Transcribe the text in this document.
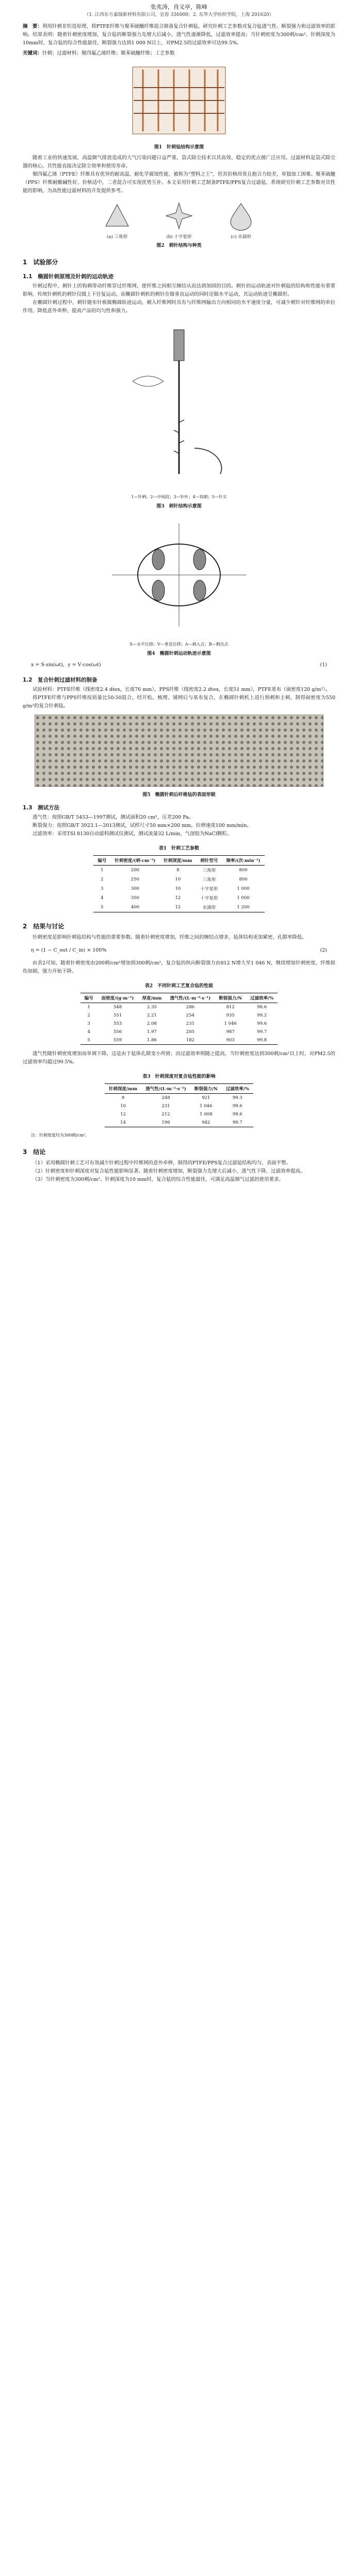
张兆涛，肖义亭，陈峰
（1. 江西东方嘉瑞新材料有限公司，宜春 336000；2. 东华大学纺织学院，上海 201620）
摘　要：利用针刺非织造原理，将PTFE纤维与聚苯硫醚纤维混合制备复合针刺毡，研究针刺工艺参数对复合毡透气性、断裂强力和过滤效率的影响。结果表明：随着针刺密度增加，复合毡的断裂强力先增大后减小，透气性逐渐降低，过滤效率提高；当针刺密度为300刺/cm²、针刺深度为10mm时，复合毡的综合性能最佳，断裂强力达到1 000 N以上，对PM2.5的过滤效率可达99.5%。
关键词：针刺；过滤材料；聚四氟乙烯纤维；聚苯硫醚纤维；工艺参数
图1　针刺毡结构示意图
随着工业的快速发展，高温烟气排放造成的大气污染问题日益严重，袋式除尘技术以其高效、稳定的优点被广泛应用。过滤材料是袋式除尘器的核心，其性能直接决定除尘效率和使用寿命。
聚四氟乙烯（PTFE）纤维具有优异的耐高温、耐化学腐蚀性能，被称为“塑料之王”，但其价格昂贵且抱合力较差，单独加工困难。聚苯硫醚（PPS）纤维耐酸碱性好、价格适中，二者混合可实现优势互补。本文采用针刺工艺制备PTFE/PPS复合过滤毡，系统研究针刺工艺参数对其性能的影响，为高性能过滤材料的开发提供参考。
(a) 三角形	(b) 十字星形	(c) 水滴形
图2　刺针结构与种类
1　试验部分
1.1　椭圆针刺原理及针刺的运动轨迹
针刺过程中，刺针上的钩刺带动纤维穿过纤维网，使纤维之间相互缠结从而达到加固的目的。刺针的运动轨迹对针刺毡的结构和性能有重要影响，传统针刺机的刺针仅做上下往复运动，而椭圆针刺机的刺针在做垂直运动的同时还做水平运动，其运动轨迹呈椭圆形。
在椭圆针刺过程中，刺针随布针板做椭圆轨迹运动，刺入纤维网时具有与纤维网输出方向相同的水平速度分量，可减少刺针对纤维网的牵拉作用，降低意外牵伸，提高产品的均匀性和强力。
1—针柄；2—中间段；3—针叶；4—钩刺；5—针尖
图3　刺针结构示意图
S—水平位移；V—垂直位移；A—刺入点；B—刺出点
图4　椭圆针刺运动轨迹示意图
x = S·sin(ωt)，y = V·cos(ωt)	(1)
1.2　复合针刺过滤材料的制备
试验材料：PTFE纤维（线密度2.4 dtex，长度76 mm），PPS纤维（线密度2.2 dtex，长度51 mm），PTFE基布（面密度120 g/m²）。
将PTFE纤维与PPS纤维按质量比50:50混合，经开松、梳理、铺网后与基布复合，在椭圆针刺机上进行预刺和主刺，制得面密度为550 g/m²的复合针刺毡。
图5　椭圆针刺后纤维毡的表面形貌
1.3　测试方法
透气性：按照GB/T 5453—1997测试，测试面积20 cm²，压差200 Pa。
断裂强力：按照GB/T 3923.1—2013测试，试样尺寸50 mm×200 mm，拉伸速度100 mm/min。
过滤效率：采用TSI 8130自动滤料测试仪测试，测试流量32 L/min，气溶胶为NaCl颗粒。
表1　针刺工艺参数
编号	针刺密度/(刺·cm⁻²)	针刺深度/mm	刺针型号	频率/(次·min⁻¹)
1	200	8	三角形	800
2	250	10	三角形	800
3	300	10	十字星形	1 000
4	350	12	十字星形	1 000
5	400	12	水滴形	1 200
2　结果与讨论
针刺密度是影响针刺毡结构与性能的重要参数。随着针刺密度增加，纤维之间的缠结点增多，毡体结构更加紧密，孔隙率降低。
η = (1 − C_out / C_in) × 100%	(2)
由表2可知，随着针刺密度由200刺/cm²增加到300刺/cm²，复合毡的纵向断裂强力由812 N增大至1 046 N，继续增加针刺密度，纤维损伤加剧，强力开始下降。
表2　不同针刺工艺复合毡的性能
编号	面密度/(g·m⁻²)	厚度/mm	透气性/(L·m⁻²·s⁻¹)	断裂强力/N	过滤效率/%
1	548	2.35	286	812	98.6
2	551	2.21	254	935	99.2
3	553	2.08	231	1 046	99.6
4	556	1.97	205	987	99.7
5	559	1.86	182	903	99.8
透气性随针刺密度增加而单调下降，这是由于毡体孔隙变小所致；而过滤效率则随之提高，当针刺密度达到300刺/cm²以上时，对PM2.5的过滤效率均超过99.5%。
表3　针刺深度对复合毡性能的影响
针刺深度/mm	透气性/(L·m⁻²·s⁻¹)	断裂强力/N	过滤效率/%
8	248	921	99.3
10	231	1 046	99.6
12	212	1 008	99.6
14	196	942	99.7
注：针刺密度均为300刺/cm²。
3　结论
（1）采用椭圆针刺工艺可有效减少针刺过程中纤维网的意外牵伸，制得的PTFE/PPS复合过滤毡结构均匀、表面平整。
（2）针刺密度和针刺深度对复合毡性能影响显著。随着针刺密度增加，断裂强力先增大后减小，透气性下降，过滤效率提高。
（3）当针刺密度为300刺/cm²、针刺深度为10 mm时，复合毡的综合性能最佳，可满足高温烟气过滤的使用要求。
